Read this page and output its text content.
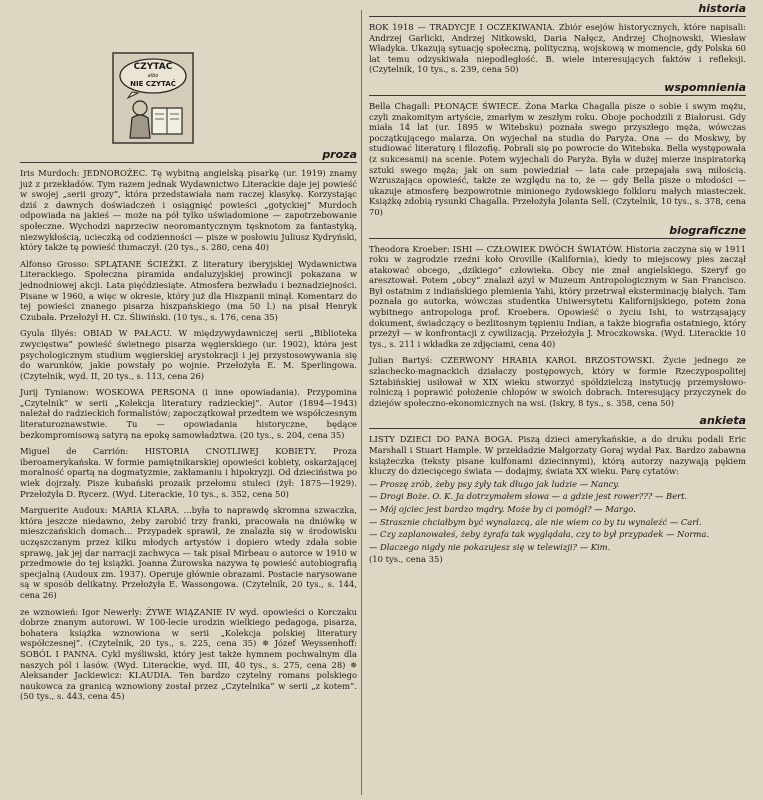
CZYTAĆ
albo
NIE CZYTAĆ
proza

Iris Murdoch: JEDNOROŻEC. Tę wybitną angielską pisarkę (ur. 1919) znamy już z przekładów. Tym razem jednak Wydawnictwo Literackie daje jej powieść w swojej „serii grozy”, która przedstawiała nam raczej klasykę. Korzystając dziś z dawnych doświadczeń i osiągnięć powieści „gotyckiej” Murdoch odpowiada na jakieś — może na pół tylko uświadomione — zapotrzebowanie społeczne. Wychodzi naprzeciw neoromantycznym tęsknotom za fantastyką, niezwykłością, ucieczką od codzienności — pisze w posłowiu Juliusz Kydryński, który także tę powieść tłumaczył. (20 tys., s. 280, cena 40)

Alfonso Grosso: SPLĄTANE ŚCIEŻKI. Z literatury iberyjskiej Wydawnictwa Literackiego. Społeczna piramida andaluzyjskiej prowincji pokazana w jednodniowej akcji. Lata pięćdziesiąte. Atmosfera bezwładu i beznadziejności. Pisane w 1960, a więc w okresie, który już dla Hiszpanii minął. Komentarz do tej powieści znanego pisarza hiszpańskiego (ma 50 l.) na pisał Henryk Czubała. Przełożył H. Cz. Śliwiński. (10 tys., s. 176, cena 35)

Gyula Illyés: OBIAD W PAŁACU. W międzywydawniczej serii „Biblioteka zwycięstwa” powieść świetnego pisarza węgierskiego (ur. 1902), która jest psychologicznym studium węgierskiej arystokracji i jej przystosowywania się do warunków, jakie powstały po wojnie. Przełożyła E. M. Sperlingowa. (Czytelnik, wyd. II, 20 tys., s. 113, cena 26)

Jurij Tynianow: WOSKOWA PERSONA (i inne opowiadania). Przypomina „Czytelnik” w serii „Kolekcja literatury radzieckiej”. Autor (1894—1943) należał do radzieckich formalistów; zapoczątkował przedtem we współczesnym literaturoznawstwie. Tu — opowiadania historyczne, będące bezkompromisową satyrą na epokę samowładztwa. (20 tys., s. 204, cena 35)

Miguel de Carrión: HISTORIA CNOTLIWEJ KOBIETY. Proza iberoamerykańska. W formie pamiętnikarskiej opowieści kobiety, oskarżającej moralność opartą na dogmatyzmie, zakłamaniu i hipokryzji. Od dzieciństwa po wiek dojrzały. Pisze kubański prozaik przełomu stuleci (żył: 1875—1929). Przełożyła D. Rycerz. (Wyd. Literackie, 10 tys., s. 352, cena 50)

Marguerite Audoux: MARIA KLARA. ...była to naprawdę skromna szwaczka, która jeszcze niedawno, żeby zarobić trzy franki, pracowała na dniówkę w mieszczańskich domach... Przypadek sprawił, że znalazła się w środowisku uczęszczanym przez kilku młodych artystów i dopiero wtedy zdała sobie sprawę, jak jej dar narracji zachwyca — tak pisał Mirbeau o autorce w 1910 w przedmowie do tej książki. Joanna Żurowska nazywa tę powieść autobiografią specjalną (Audoux zm. 1937). Operuje głównie obrazami. Postacie narysowane są w sposób delikatny. Przełożyła E. Wassongowa. (Czytelnik, 20 tys., s. 144, cena 26)

ze wznowień: Igor Newerly: ŻYWE WIĄZANIE IV wyd. opowieści o Korczaku dobrze znanym autorowi. W 100-lecie urodzin wielkiego pedagoga, pisarza, bohatera książka wznowiona w serii „Kolekcja polskiej literatury współczesnej”. (Czytelnik, 20 tys., s. 225, cena 35) ✵ Józef Weyssenhoff: SOBÓL I PANNA. Cykl myśliwski, który jest także hymnem pochwalnym dla naszych pól i lasów. (Wyd. Literackie, wyd. III, 40 tys., s. 275, cena 28) ✵ Aleksander Jackiewicz: KLAUDIA. Ten bardzo czytelny romans polskiego naukowca za granicą wznowiony został przez „Czytelnika” w serii „z kotem”. (50 tys., s. 443, cena 45)

historia

ROK 1918 — TRADYCJE I OCZEKIWANIA. Zbiór esejów historycznych, które napisali: Andrzej Garlicki, Andrzej Nitkowski, Daria Nałęcz, Andrzej Chojnowski, Wiesław Władyka. Ukazują sytuację społeczną, polityczną, wojskową w momencie, gdy Polska 60 lat temu odzyskiwała niepodległość. B. wiele interesujących faktów i refleksji. (Czytelnik, 10 tys., s. 239, cena 50)

wspomnienia

Bella Chagall: PŁONĄCE ŚWIECE. Żona Marka Chagalla pisze o sobie i swym mężu, czyli znakomitym artyście, zmarłym w zeszłym roku. Oboje pochodzili z Białorusi. Gdy miała 14 lat (ur. 1895 w Witebsku) poznała swego przyszłego męża, wówczas początkującego malarza. On wyjechał na studia do Paryża. Ona — do Moskwy, by studiować literaturę i filozofię. Pobrali się po powrocie do Witebska. Bella występowała (z sukcesami) na scenie. Potem wyjechali do Paryża. Była w dużej mierze inspiratorką sztuki swego męża; jak on sam powiedział — lata całe przepajała swą miłością. Wzruszająca opowieść, także ze względu na to, że — gdy Bella pisze o młodości — ukazuje atmosferę bezpowrotnie minionego żydowskiego folkloru małych miasteczek. Książkę zdobią rysunki Chagalla. Przełożyła Jolanta Sell. (Czytelnik, 10 tys., s. 378, cena 70)

biograficzne

Theodora Kroeber: ISHI — CZŁOWIEK DWÓCH ŚWIATÓW. Historia zaczyna się w 1911 roku w zagrodzie rzeźni koło Oroville (Kalifornia), kiedy to miejscowy pies zaczął atakować obcego, „dzikiego” człowieka. Obcy nie znał angielskiego. Szeryf go aresztował. Potem „obcy” znalazł azyl w Muzeum Antropologicznym w San Francisco. Był ostatnim z indiańskiego plemienia Yahi, który przetrwał eksterminację białych. Tam poznała go autorka, wówczas studentka Uniwersytetu Kalifornijskiego, potem żona wybitnego antropologa prof. Kroebera. Opowieść o życiu Ishi, to wstrząsający dokument, świadczący o bezlitosnym tępieniu Indian, a także biografia ostatniego, który przeżył — w konfrontacji z cywilizacją. Przełożyła J. Mroczkowska. (Wyd. Literackie 10 tys., s. 211 i wkładka ze zdjęciami, cena 40)

Julian Bartyś: CZERWONY HRABIA KAROL BRZOSTOWSKI. Życie jednego ze szlachecko-magnackich działaczy postępowych, który w formie Rzeczypospolitej Sztabińskiej usiłował w XIX wieku stworzyć spółdzielczą instytucję przemysłowo-rolniczą i poprawić położenie chłopów w swoich dobrach. Interesujący przyczynek do dziejów społeczno-ekonomicznych na wsi. (Iskry, 8 tys., s. 358, cena 50)

ankieta

LISTY DZIECI DO PANA BOGA. Piszą dzieci amerykańskie, a do druku podali Eric Marshall i Stuart Hample. W przekładzie Małgorzaty Goraj wydał Pax. Bardzo zabawna książeczka (teksty pisane kulfonami dziecinnymi), którą autorzy nazywają pękiem kluczy do dziecięcego świata — dodajmy, świata XX wieku. Parę cytatów:

— Proszę zrób, żeby psy żyły tak długo jak ludzie — Nancy.

— Drogi Boże. O. K. Ja dotrzymałem słowa — a gdzie jest rower??? — Bert.

— Mój ojciec jest bardzo mądry. Może by ci pomógł? — Margo.

— Strasznie chciałbym być wynalazcą, ale nie wiem co by tu wynaleźć — Carl.

— Czy zaplanowałeś, żeby żyrafa tak wyglądała, czy to był przypadek — Norma.

— Dlaczego nigdy nie pokazujesz się w telewizji? — Kim.

(10 tys., cena 35)
